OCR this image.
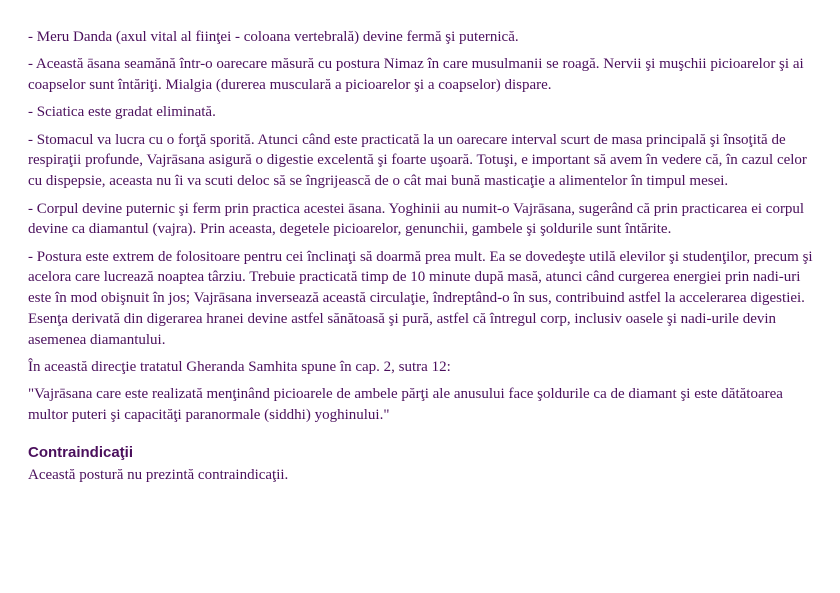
- Meru Danda (axul vital al fiinţei - coloana vertebrală) devine fermă şi puternică.

- Această āsana seamănă într-o oarecare măsură cu postura Nimaz în care musulmanii se roagă. Nervii şi muşchii picioarelor şi ai coapselor sunt întăriţi. Mialgia (durerea musculară a picioarelor şi a coapselor) dispare.

- Sciatica este gradat eliminată.

- Stomacul va lucra cu o forţă sporită. Atunci când este practicată la un oarecare interval scurt de masa principală şi însoţită de respiraţii profunde, Vajrāsana asigură o digestie excelentă şi foarte uşoară. Totuşi, e important să avem în vedere că, în cazul celor cu dispepsie, aceasta nu îi va scuti deloc să se îngrijească de o cât mai bună masticaţie a alimentelor în timpul mesei.

- Corpul devine puternic şi ferm prin practica acestei āsana. Yoghinii au numit-o Vajrāsana, sugerând că prin practicarea ei corpul devine ca diamantul (vajra). Prin aceasta, degetele picioarelor, genunchii, gambele şi şoldurile sunt întărite.

- Postura este extrem de folositoare pentru cei înclinaţi să doarmă prea mult. Ea se dovedeşte utilă elevilor şi studenţilor, precum şi acelora care lucrează noaptea târziu. Trebuie practicată timp de 10 minute după masă, atunci când curgerea energiei prin nadi-uri este în mod obişnuit în jos; Vajrāsana inversează această circulaţie, îndreptând-o în sus, contribuind astfel la accelerarea digestiei. Esenţa derivată din digerarea hranei devine astfel sănătoasă şi pură, astfel că întregul corp, inclusiv oasele şi nadi-urile devin asemenea diamantului.

În această direcţie tratatul Gheranda Samhita spune în cap. 2, sutra 12:

"Vajrāsana care este realizată menţinând picioarele de ambele părţi ale anusului face şoldurile ca de diamant şi este dătătoarea multor puteri şi capacităţi paranormale (siddhi) yoghinului."

Contraindicaţii

Această postură nu prezintă contraindicaţii.
